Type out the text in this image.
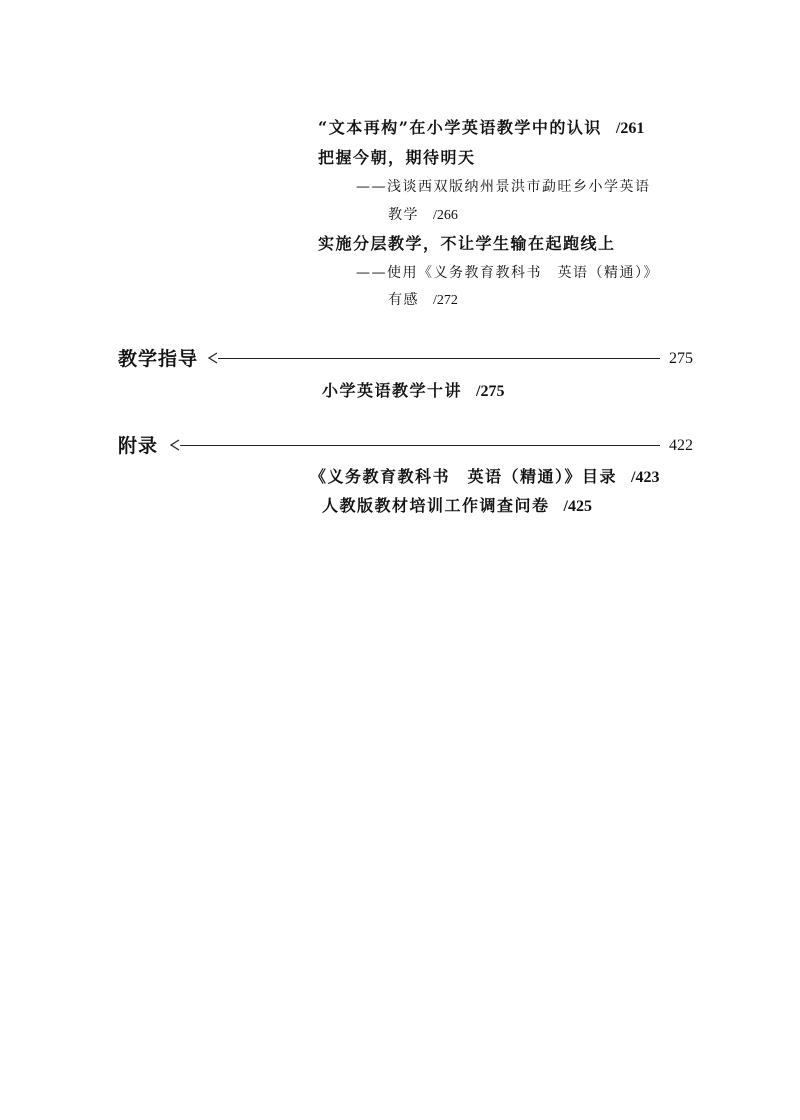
“文本再构”在小学英语教学中的认识 /261
把握今朝，期待明天
——浅谈西双版纳州景洪市勐旺乡小学英语
教学 /266
实施分层教学，不让学生输在起跑线上
——使用《义务教育教科书　英语（精通）》
有感 /272
教学指导	275
小学英语教学十讲 /275
附录	422
《义务教育教科书　英语（精通）》目录 /423
人教版教材培训工作调查问卷 /425
